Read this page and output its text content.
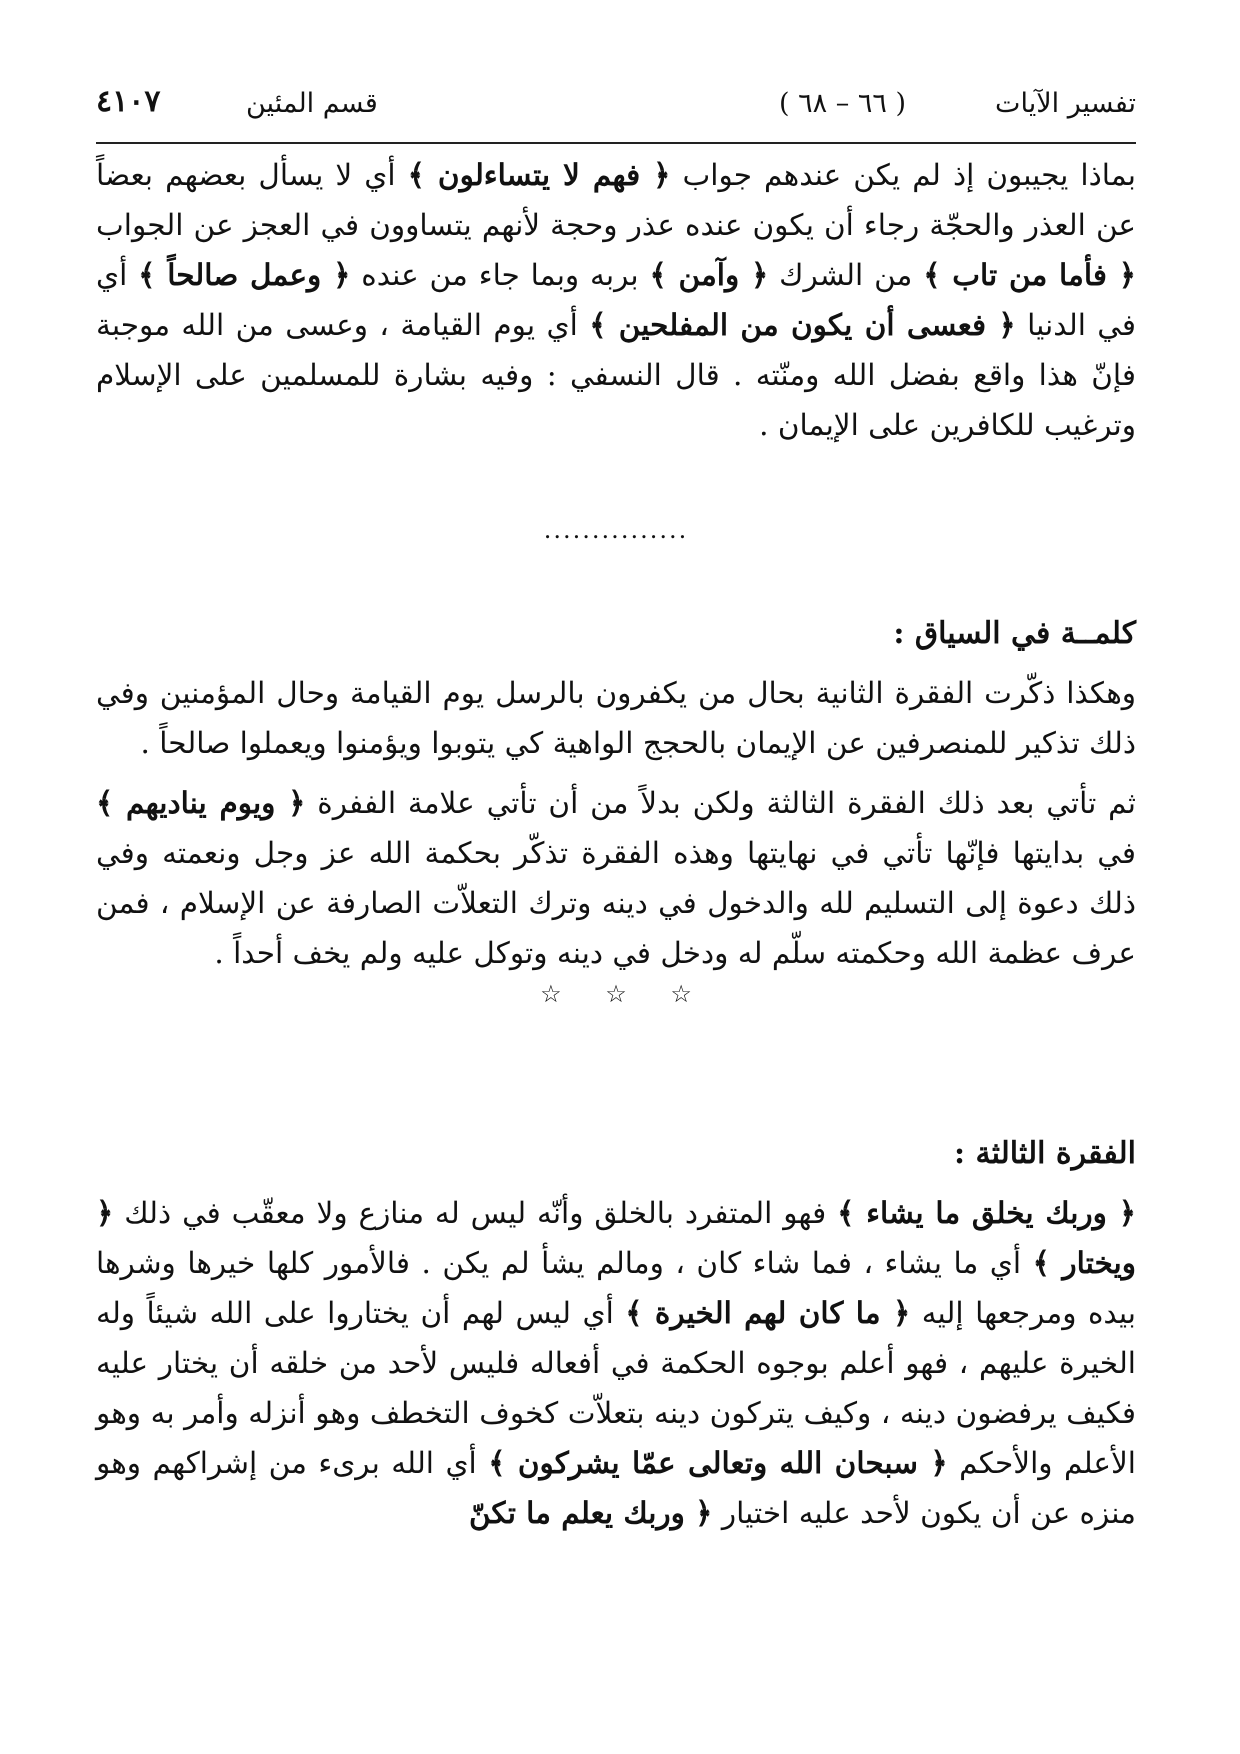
تفسير الآيات
( ٦٦ – ٦٨ )
قسم المئين
٤١٠٧

بماذا يجيبون إذ لم يكن عندهم جواب ﴿ فهم لا يتساءلون ﴾ أي لا يسأل بعضهم بعضاً عن العذر والحجّة رجاء أن يكون عنده عذر وحجة لأنهم يتساوون في العجز عن الجواب ﴿ فأما من تاب ﴾ من الشرك ﴿ وآمن ﴾ بربه وبما جاء من عنده ﴿ وعمل صالحاً ﴾ أي في الدنيا ﴿ فعسى أن يكون من المفلحين ﴾ أي يوم القيامة ، وعسى من الله موجبة فإنّ هذا واقع بفضل الله ومنّته . قال النسفي : وفيه بشارة للمسلمين على الإسلام وترغيب للكافرين على الإيمان .

...............
كلمــة في السياق :

وهكذا ذكّرت الفقرة الثانية بحال من يكفرون بالرسل يوم القيامة وحال المؤمنين وفي ذلك تذكير للمنصرفين عن الإيمان بالحجج الواهية كي يتوبوا ويؤمنوا ويعملوا صالحاً .

ثم تأتي بعد ذلك الفقرة الثالثة ولكن بدلاً من أن تأتي علامة الففرة ﴿ ويوم يناديهم ﴾ في بدايتها فإنّها تأتي في نهايتها وهذه الفقرة تذكّر بحكمة الله عز وجل ونعمته وفي ذلك دعوة إلى التسليم لله والدخول في دينه وترك التعلاّت الصارفة عن الإسلام ، فمن عرف عظمة الله وحكمته سلّم له ودخل في دينه وتوكل عليه ولم يخف أحداً .

☆ ☆ ☆
الفقرة الثالثة :

﴿ وربك يخلق ما يشاء ﴾ فهو المتفرد بالخلق وأنّه ليس له منازع ولا معقّب في ذلك ﴿ ويختار ﴾ أي ما يشاء ، فما شاء كان ، ومالم يشأ لم يكن . فالأمور كلها خيرها وشرها بيده ومرجعها إليه ﴿ ما كان لهم الخيرة ﴾ أي ليس لهم أن يختاروا على الله شيئاً وله الخيرة عليهم ، فهو أعلم بوجوه الحكمة في أفعاله فليس لأحد من خلقه أن يختار عليه فكيف يرفضون دينه ، وكيف يتركون دينه بتعلاّت كخوف التخطف وهو أنزله وأمر به وهو الأعلم والأحكم ﴿ سبحان الله وتعالى عمّا يشركون ﴾ أي الله برىء من إشراكهم وهو منزه عن أن يكون لأحد عليه اختيار ﴿ وربك يعلم ما تكنّ
